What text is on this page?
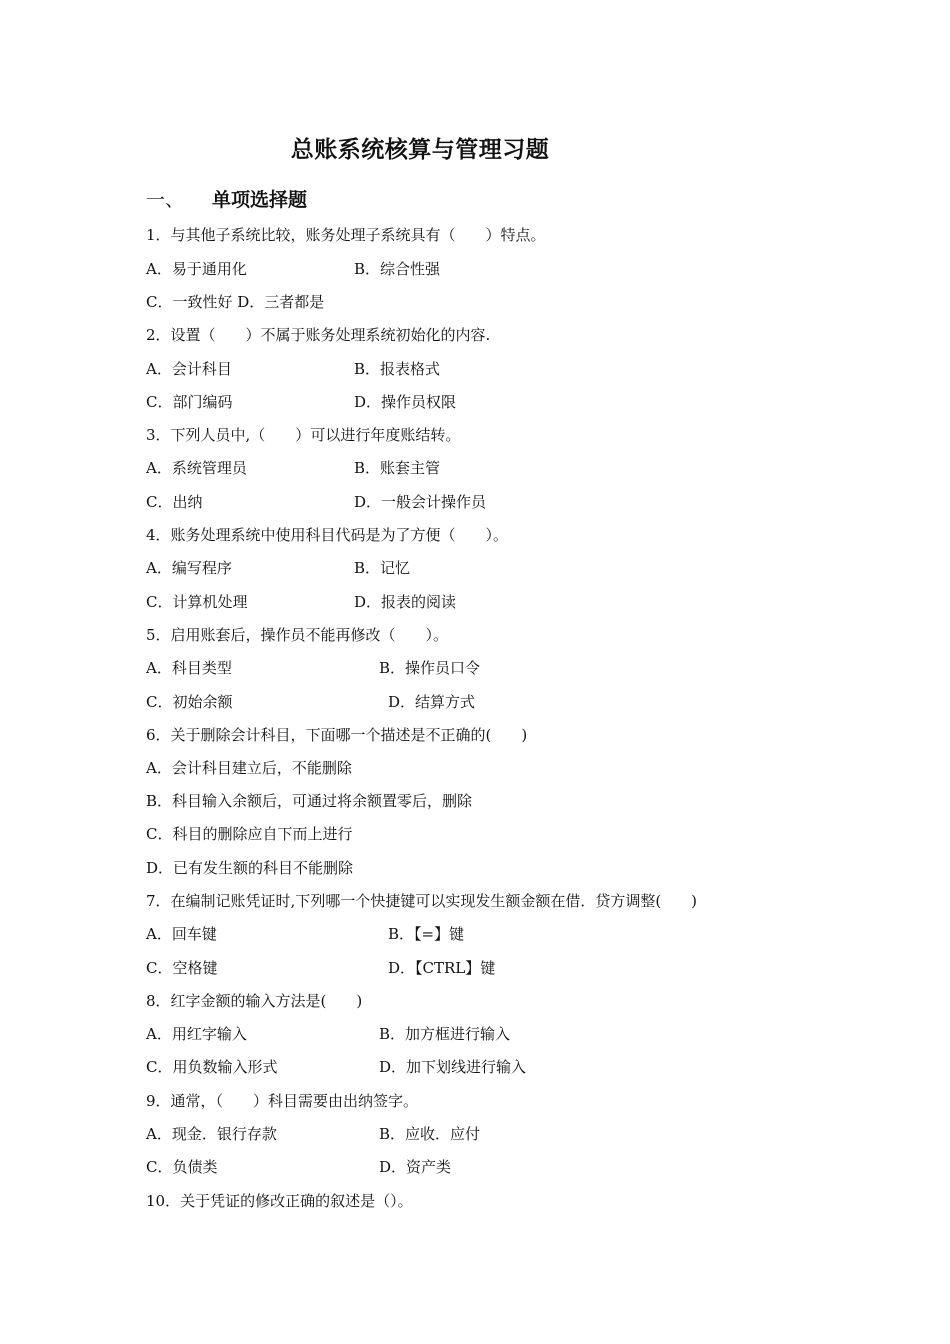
总账系统核算与管理习题
一、 单项选择题
1．与其他子系统比较，账务处理子系统具有（　　）特点。
A．易于通用化	B．综合性强
C．一致性好 D．三者都是
2．设置（　　）不属于账务处理系统初始化的内容.
A．会计科目	B．报表格式
C．部门编码	D．操作员权限
3．下列人员中,（　　）可以进行年度账结转。
A．系统管理员	B．账套主管
C．出纳	D．一般会计操作员
4．账务处理系统中使用科目代码是为了方便（　　）。
A．编写程序	B．记忆
C．计算机处理	D．报表的阅读
5．启用账套后，操作员不能再修改（　　）。
A．科目类型	B．操作员口令
C．初始余额	D．结算方式
6．关于删除会计科目，下面哪一个描述是不正确的(　　)
A．会计科目建立后，不能删除
B．科目输入余额后，可通过将余额置零后，删除
C．科目的删除应自下而上进行
D．已有发生额的科目不能删除
7．在编制记账凭证时,下列哪一个快捷键可以实现发生额金额在借．贷方调整(　　)
A．回车键	B．【=】键
C．空格键	D．【CTRL】键
8．红字金额的输入方法是(　　)
A．用红字输入	B．加方框进行输入
C．用负数输入形式	D．加下划线进行输入
9．通常，（　　）科目需要由出纳签字。
A．现金．银行存款	B．应收．应付
C．负债类	D．资产类
10．关于凭证的修改正确的叙述是（）。
